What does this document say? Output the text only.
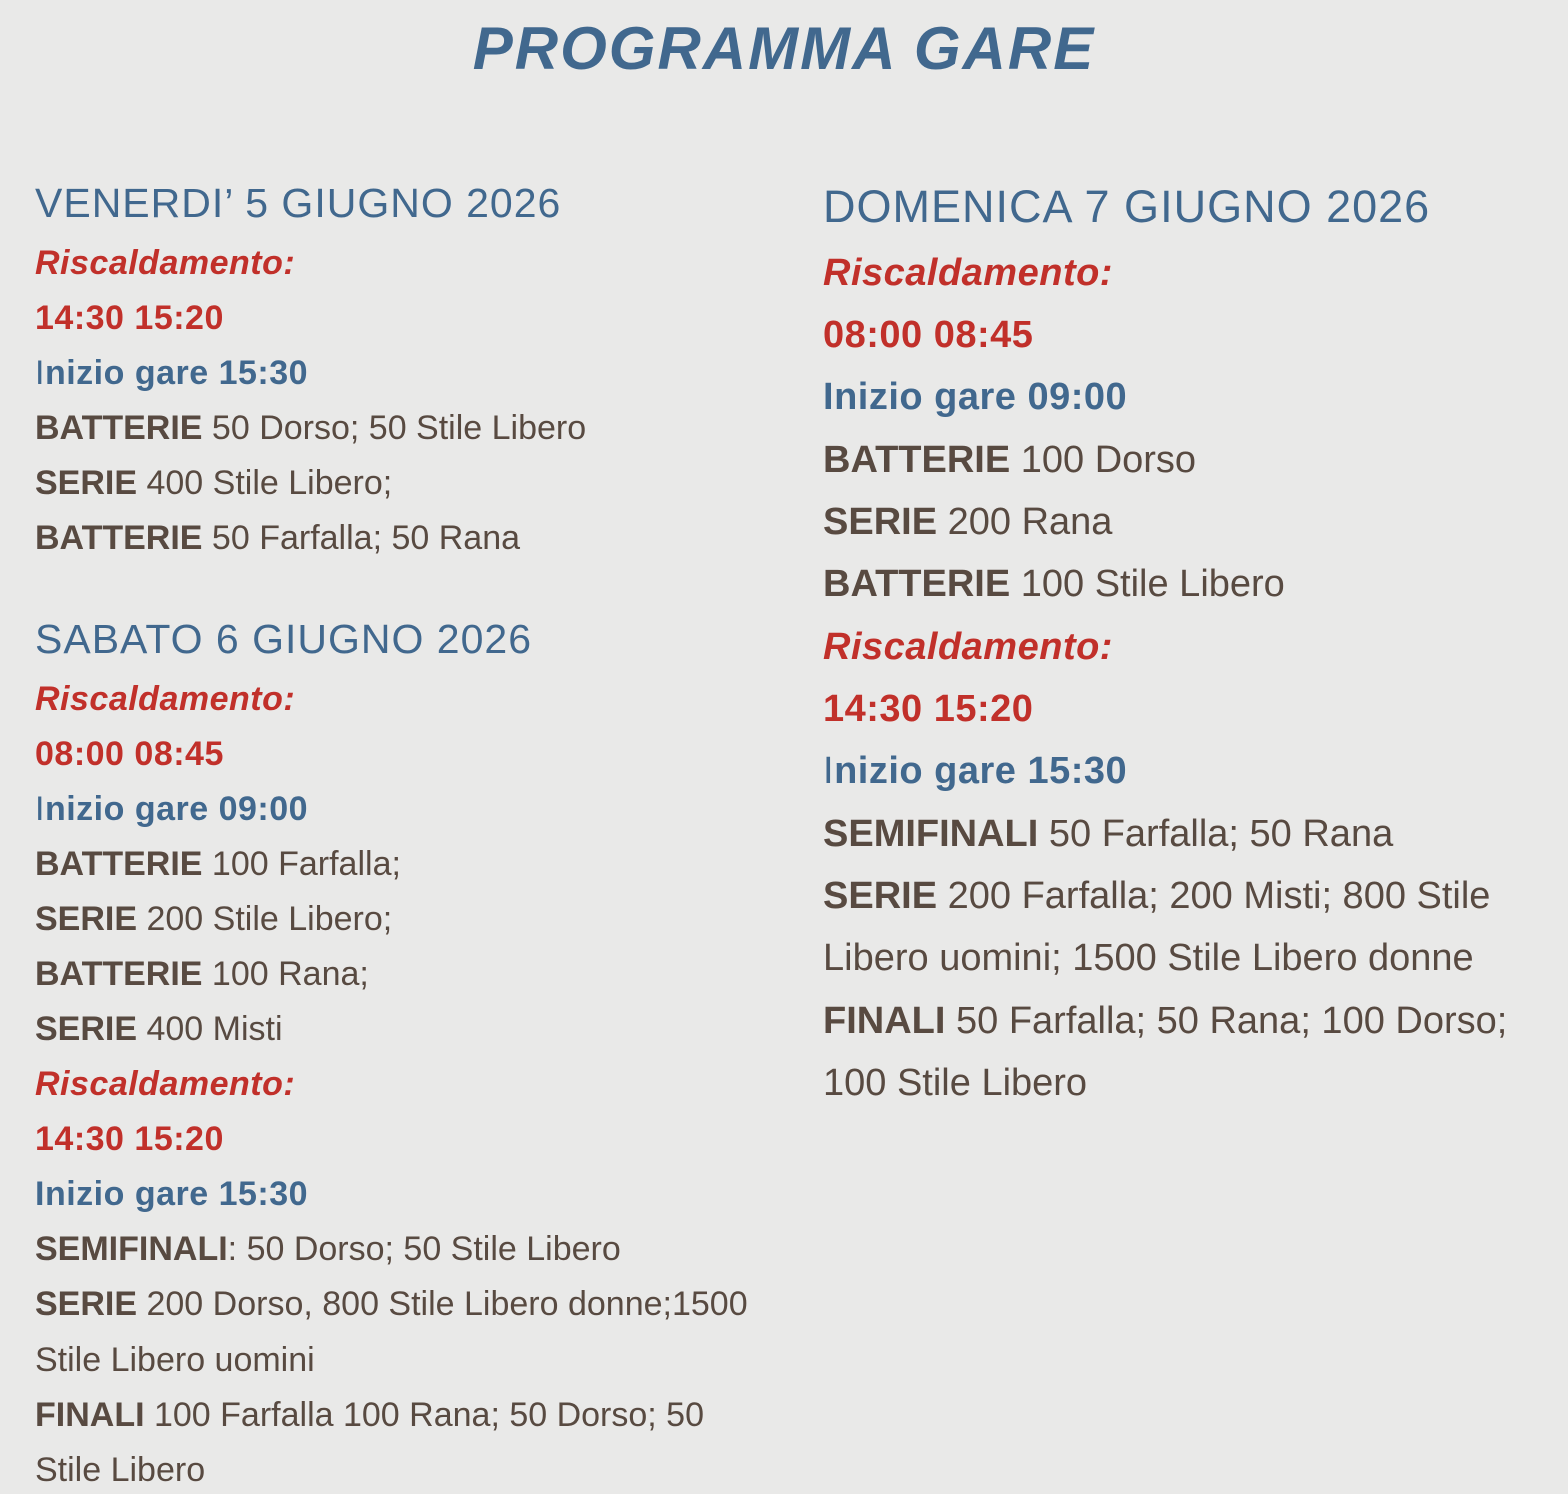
PROGRAMMA GARE

VENERDI’ 5 GIUGNO 2026

Riscaldamento:

14:30 15:20

Inizio gare 15:30

BATTERIE 50 Dorso; 50 Stile Libero

SERIE 400 Stile Libero;

BATTERIE 50 Farfalla; 50 Rana

SABATO 6 GIUGNO 2026

Riscaldamento:

08:00 08:45

Inizio gare 09:00

BATTERIE 100 Farfalla;

SERIE 200 Stile Libero;

BATTERIE 100 Rana;

SERIE 400 Misti

Riscaldamento:

14:30 15:20

Inizio gare 15:30

SEMIFINALI: 50 Dorso; 50 Stile Libero

SERIE 200 Dorso, 800 Stile Libero donne;1500 Stile Libero uomini

FINALI 100 Farfalla 100 Rana; 50 Dorso; 50 Stile Libero

DOMENICA 7 GIUGNO 2026

Riscaldamento:

08:00 08:45

Inizio gare 09:00

BATTERIE 100 Dorso

SERIE 200 Rana

BATTERIE 100 Stile Libero

Riscaldamento:

14:30 15:20

Inizio gare 15:30

SEMIFINALI 50 Farfalla; 50 Rana

SERIE 200 Farfalla; 200 Misti; 800 Stile Libero uomini; 1500 Stile Libero donne

FINALI 50 Farfalla; 50 Rana; 100 Dorso; 100 Stile Libero
